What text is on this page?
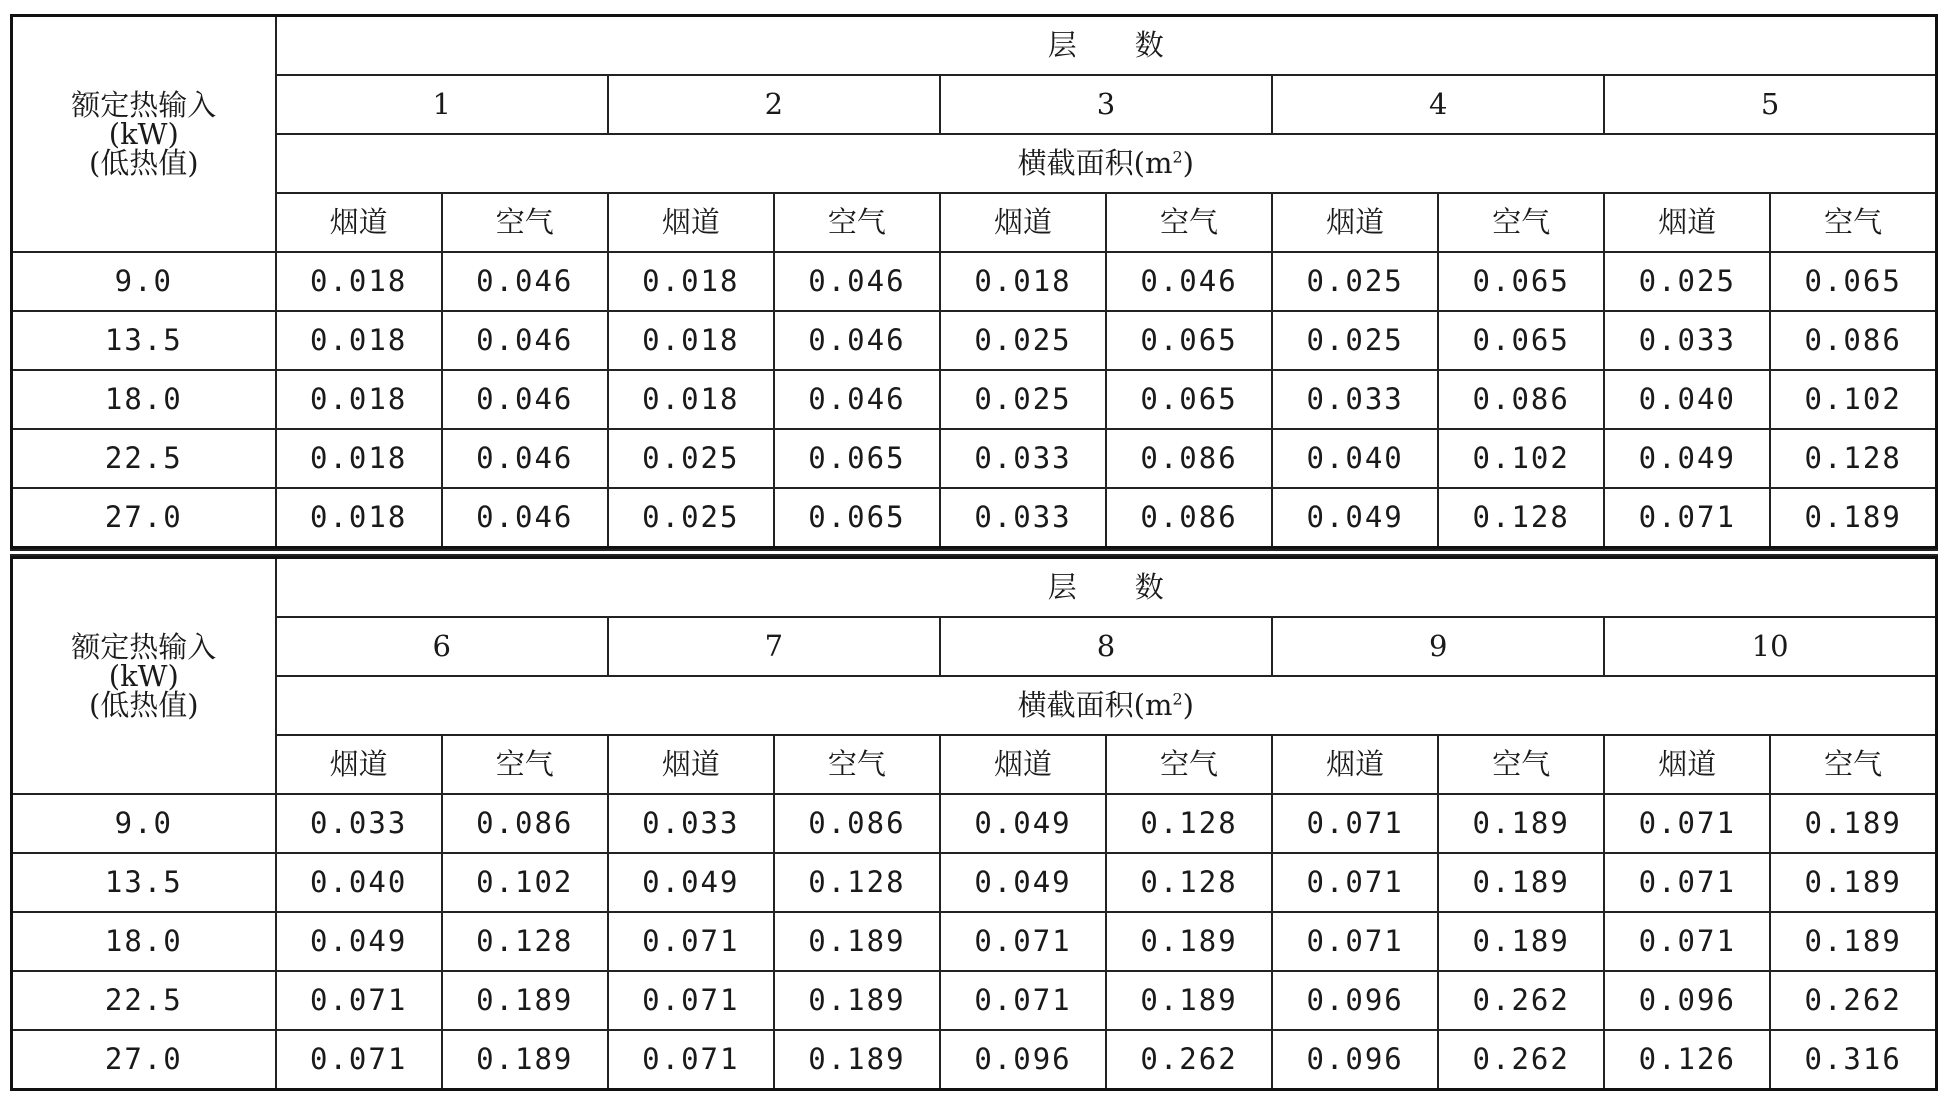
额定热输入
(kW)
(低热值)	层　　数									
	1		2		3		4		5	
	横截面积$(m^2)$									
	烟道	空气	烟道	空气	烟道	空气	烟道	空气	烟道	空气
9.0	0.018	0.046	0.018	0.046	0.018	0.046	0.025	0.065	0.025	0.065
13.5	0.018	0.046	0.018	0.046	0.025	0.065	0.025	0.065	0.033	0.086
18.0	0.018	0.046	0.018	0.046	0.025	0.065	0.033	0.086	0.040	0.102
22.5	0.018	0.046	0.025	0.065	0.033	0.086	0.040	0.102	0.049	0.128
27.0	0.018	0.046	0.025	0.065	0.033	0.086	0.049	0.128	0.071	0.189
额定热输入
(kW)
(低热值)	层　　数									
	6		7		8		9		10	
	横截面积$(m^2)$									
	烟道	空气	烟道	空气	烟道	空气	烟道	空气	烟道	空气
9.0	0.033	0.086	0.033	0.086	0.049	0.128	0.071	0.189	0.071	0.189
13.5	0.040	0.102	0.049	0.128	0.049	0.128	0.071	0.189	0.071	0.189
18.0	0.049	0.128	0.071	0.189	0.071	0.189	0.071	0.189	0.071	0.189
22.5	0.071	0.189	0.071	0.189	0.071	0.189	0.096	0.262	0.096	0.262
27.0	0.071	0.189	0.071	0.189	0.096	0.262	0.096	0.262	0.126	0.316
